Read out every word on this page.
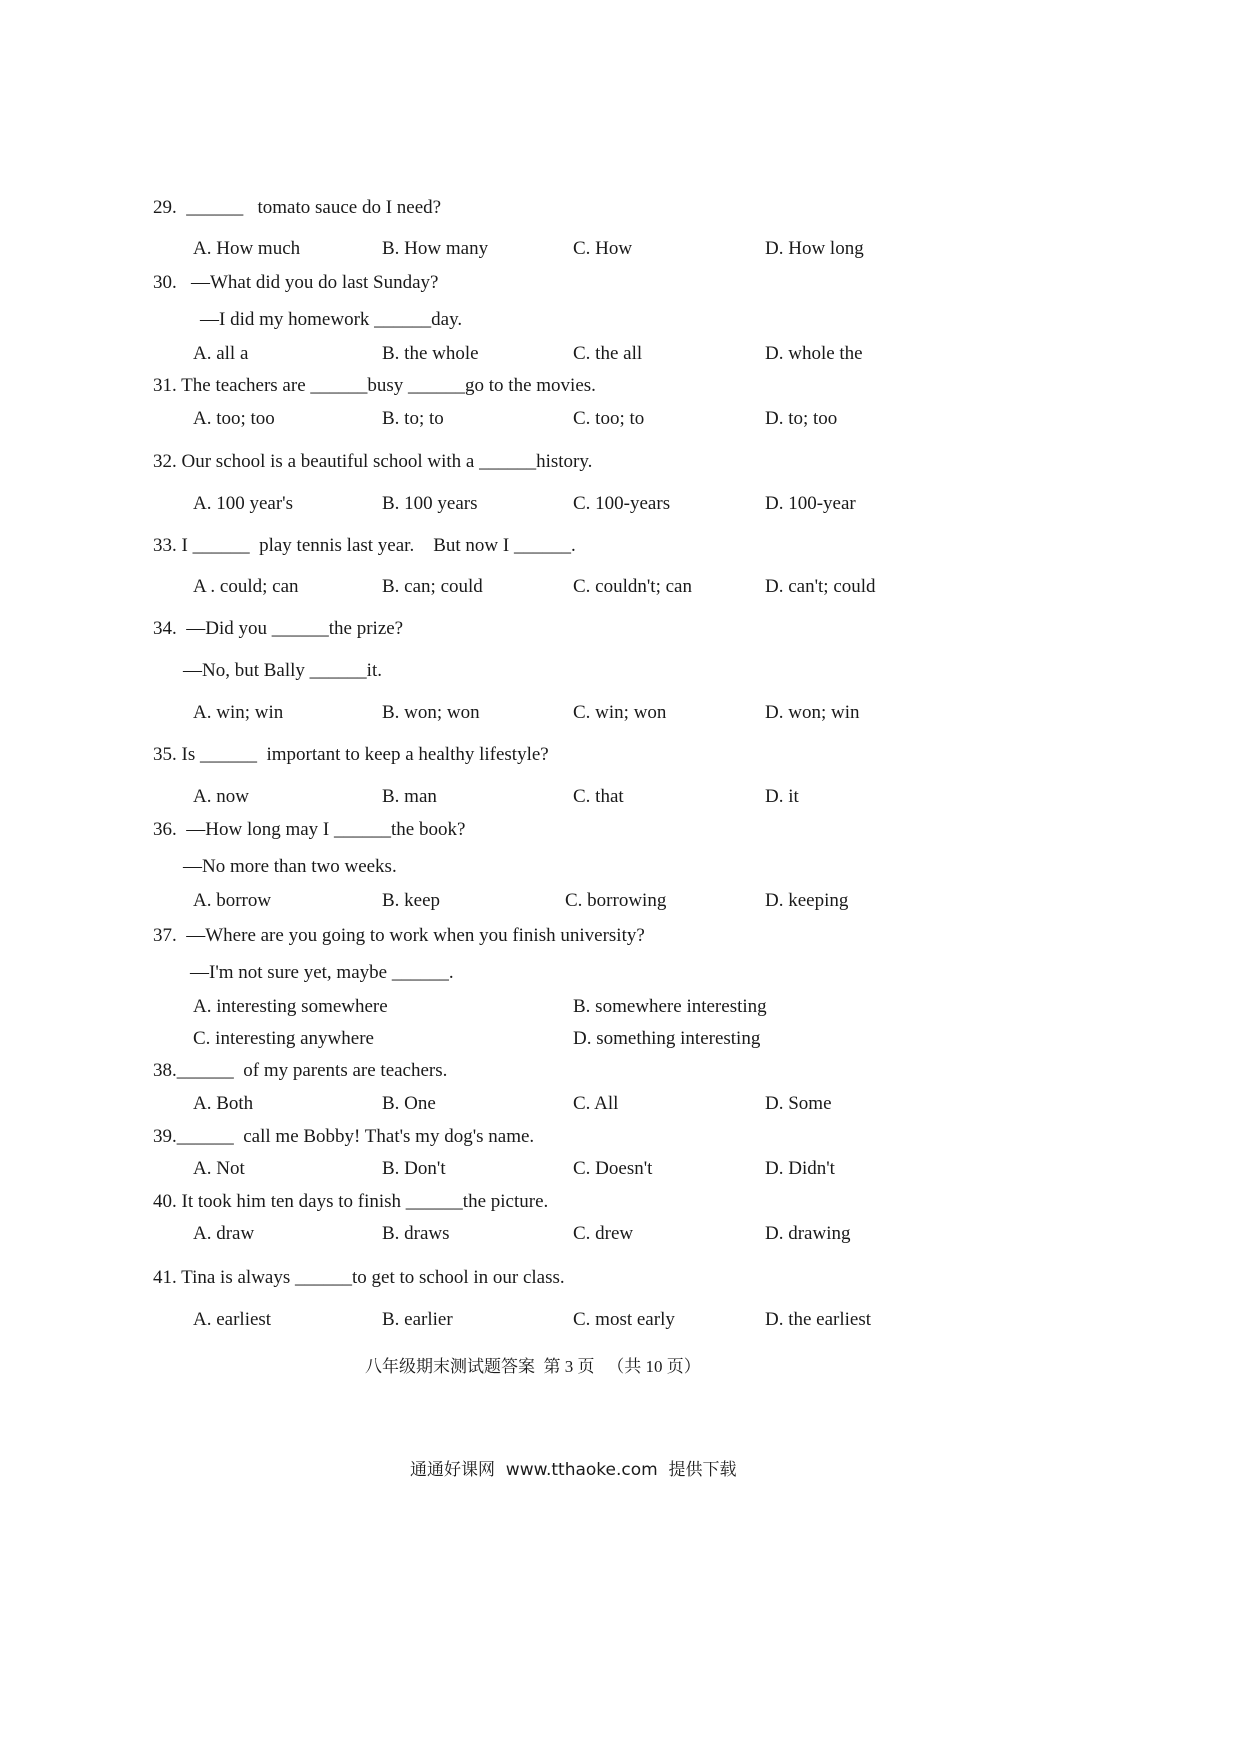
29.  ______   tomato sauce do I need?
A. How much	B. How many	C. How	D. How long
30.   —What did you do last Sunday?
—I did my homework ______day.
A. all a	B. the whole	C. the all	D. whole the
31. The teachers are ______busy ______go to the movies.
A. too; too	B. to; to	C. too; to	D. to; too
32. Our school is a beautiful school with a ______history.
A. 100 year's	B. 100 years	C. 100-years	D. 100-year
33. I ______  play tennis last year.    But now I ______.
A . could; can	B. can; could	C. couldn't; can	D. can't; could
34.  —Did you ______the prize?
—No, but Bally ______it.
A. win; win	B. won; won	C. win; won	D. won; win
35. Is ______  important to keep a healthy lifestyle?
A. now	B. man	C. that	D. it
36.  —How long may I ______the book?
—No more than two weeks.
A. borrow	B. keep	C. borrowing	D. keeping
37.  —Where are you going to work when you finish university?
—I'm not sure yet, maybe ______.
A. interesting somewhere	B. somewhere interesting
C. interesting anywhere	D. something interesting
38.______  of my parents are teachers.
A. Both	B. One	C. All	D. Some
39.______  call me Bobby! That's my dog's name.
A. Not	B. Don't	C. Doesn't	D. Didn't
40. It took him ten days to finish ______the picture.
A. draw	B. draws	C. drew	D. drawing
41. Tina is always ______to get to school in our class.
A. earliest	B. earlier	C. most early	D. the earliest
八年级期末测试题答案  第 3 页   （共 10 页）
通通好课网  www.tthaoke.com  提供下载
